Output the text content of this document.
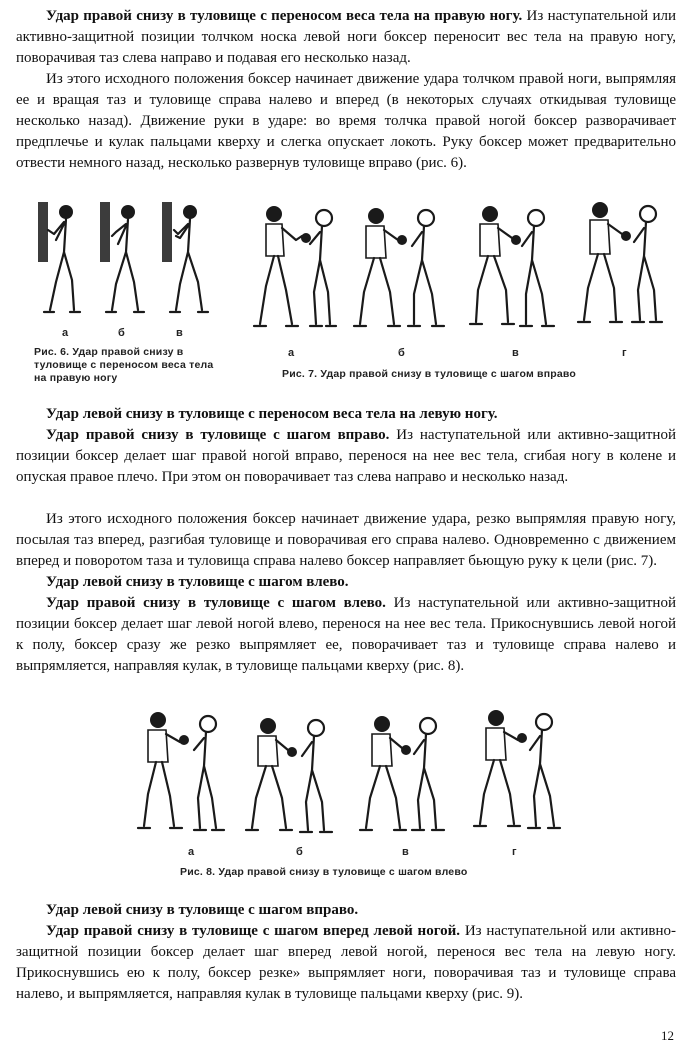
Удар правой снизу в туловище с переносом веса тела на правую ногу. Из наступательной или активно-защитной позиции толчком носка левой ноги боксер переносит вес тела на правую ногу, поворачивая таз слева направо и подавая его несколько назад.

Из этого исходного положения боксер начинает движение удара толчком правой ноги, выпрямляя ее и вращая таз и туловище справа налево и вперед (в некоторых случаях откидывая туловище несколько назад). Движение руки в ударе: во время толчка правой ногой боксер разворачивает предплечье и кулак пальцами кверху и слегка опускает локоть. Руку боксер может предварительно отвести немного назад, несколько развернув туловище вправо (рис. 6).

а	б	в
Рис. 6. Удар правой снизу в туловище с переносом веса тела на правую ногу
а	б	в	г
Рис. 7. Удар правой снизу в туловище с шагом вправо

Удар левой снизу в туловище с переносом веса тела на левую ногу.

Удар правой снизу в туловище с шагом вправо. Из наступательной или активно-защитной позиции боксер делает шаг правой ногой вправо, перенося на нее вес тела, сгибая ногу в колене и опуская правое плечо. При этом он поворачивает таз слева направо и несколько назад.

Из этого исходного положения боксер начинает движение удара, резко выпрямляя правую ногу, посылая таз вперед, разгибая туловище и поворачивая его справа налево. Одновременно с движением вперед и поворотом таза и туловища справа налево боксер направляет бьющую руку к цели (рис. 7).

Удар левой снизу в туловище с шагом влево.

Удар правой снизу в туловище с шагом влево. Из наступательной или активно-защитной позиции боксер делает шаг левой ногой влево, перенося на нее вес тела. Прикоснувшись левой ногой к полу, боксер сразу же резко выпрямляет ее, поворачивает таз и туловище справа налево и выпрямляется, направляя кулак, в туловище пальцами кверху (рис. 8).

а	б	в	г
Рис. 8. Удар правой снизу в туловище с шагом влево

Удар левой снизу в туловище с шагом вправо.

Удар правой снизу в туловище с шагом вперед левой ногой. Из наступательной или активно-защитной позиции боксер делает шаг вперед левой ногой, перенося вес тела на левую ногу. Прикоснувшись ею к полу, боксер резке» выпрямляет ноги, поворачивая таз и туловище справа налево, и выпрямляется, направляя кулак в туловище пальцами кверху (рис. 9).

12
